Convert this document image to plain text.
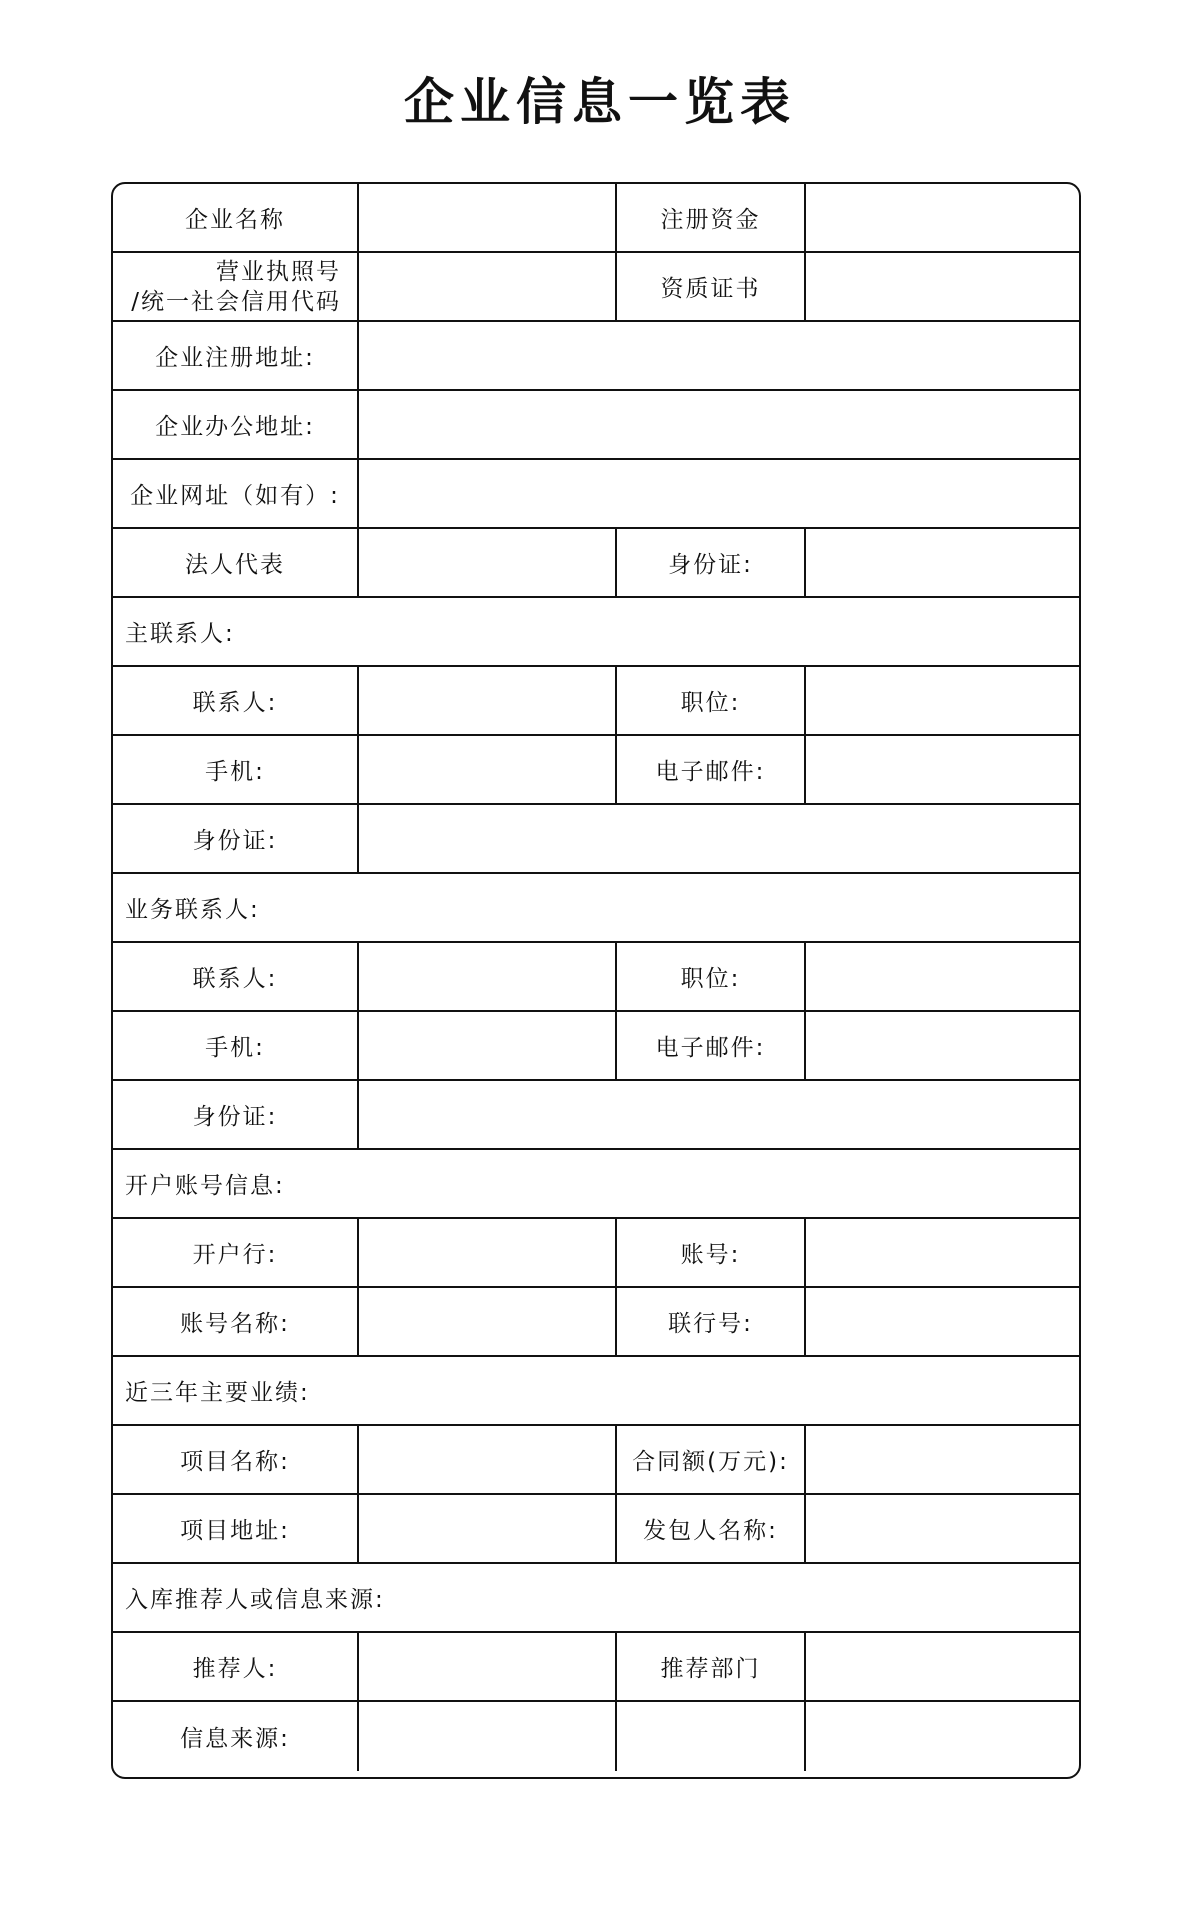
企业信息一览表
企业名称	注册资金
营业执照号
/统一社会信用代码	资质证书
企业注册地址:
企业办公地址:
企业网址（如有）:
法人代表	身份证:
主联系人:
联系人:	职位:
手机:	电子邮件:
身份证:
业务联系人:
联系人:	职位:
手机:	电子邮件:
身份证:
开户账号信息:
开户行:	账号:
账号名称:	联行号:
近三年主要业绩:
项目名称:	合同额(万元):
项目地址:	发包人名称:
入库推荐人或信息来源:
推荐人:	推荐部门
信息来源:
